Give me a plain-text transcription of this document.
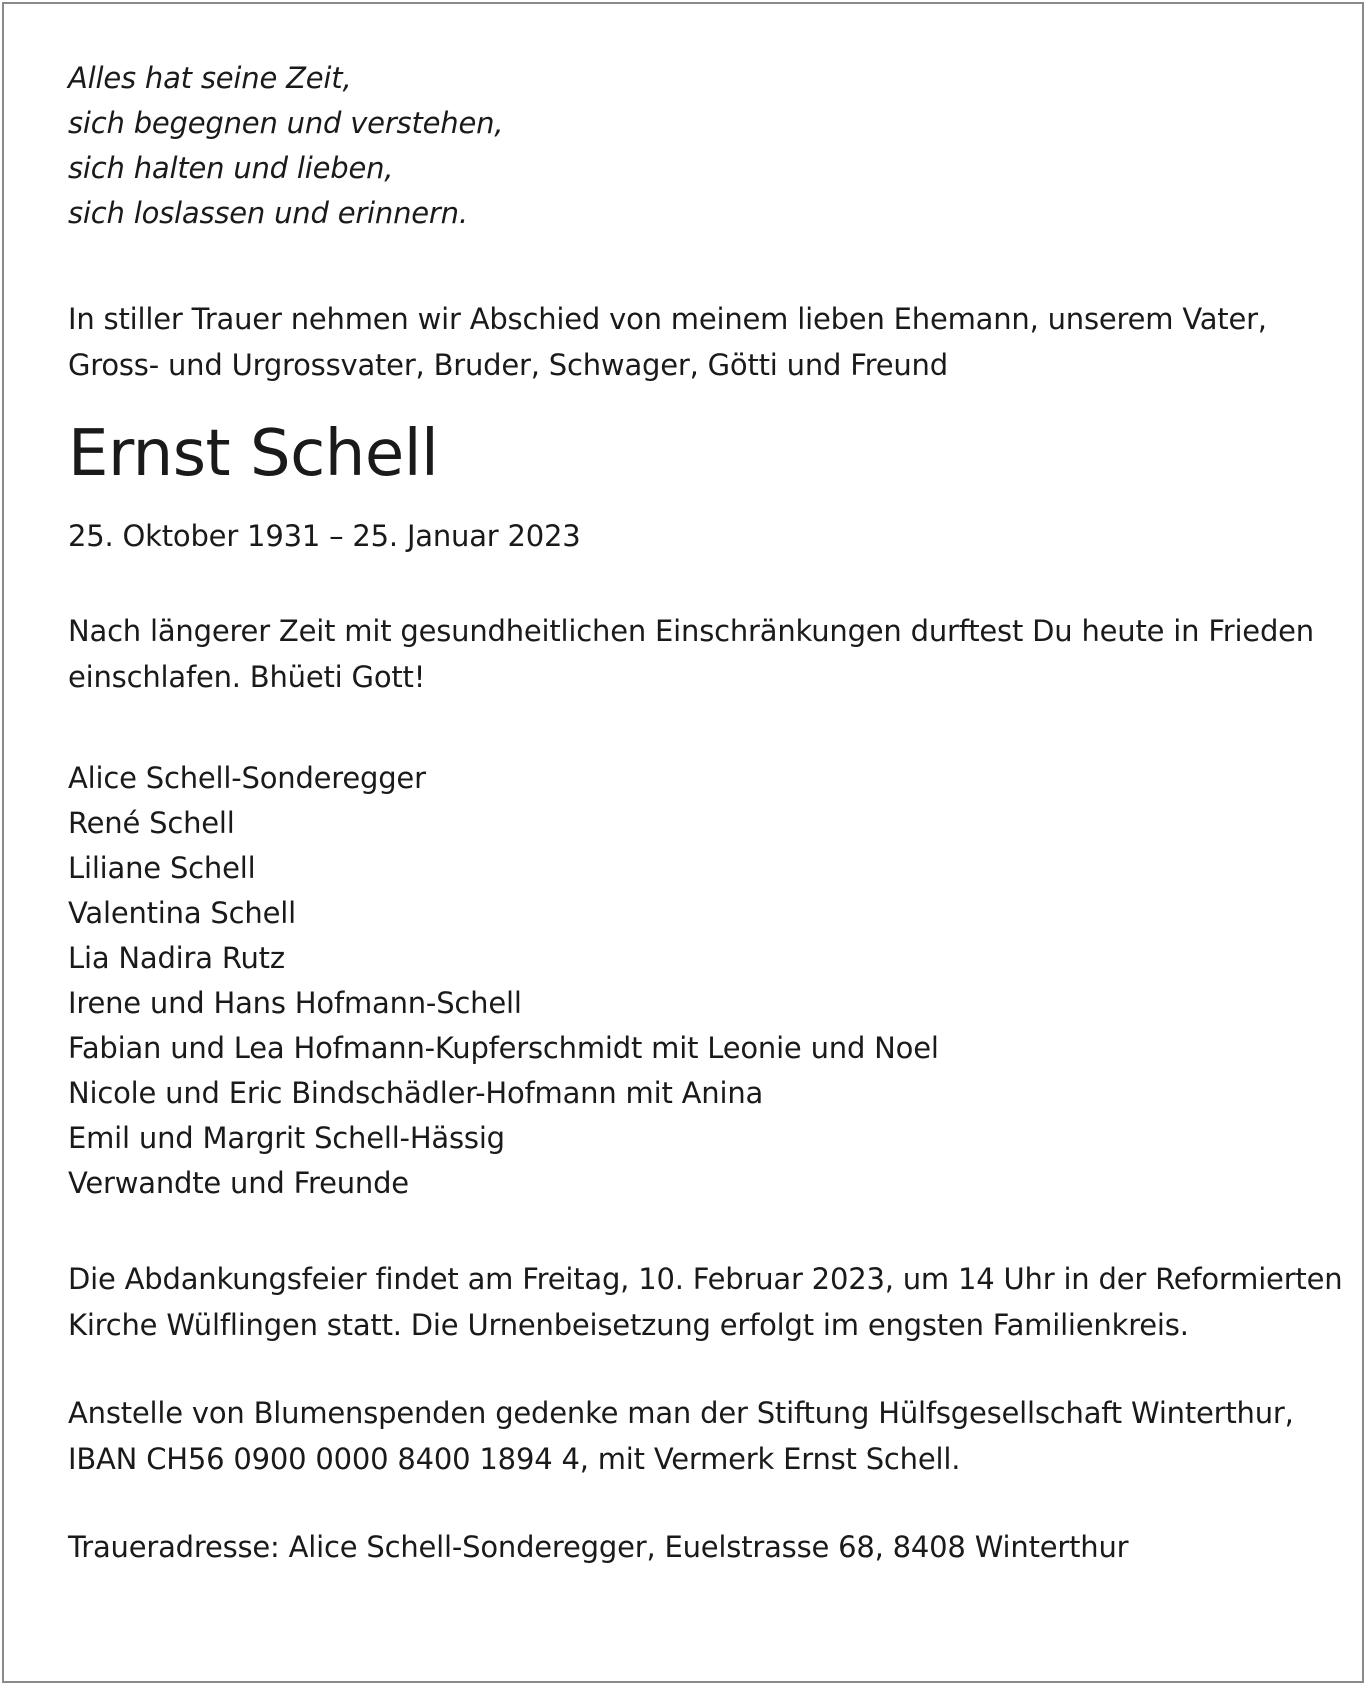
Alles hat seine Zeit,
sich begegnen und verstehen,
sich halten und lieben,
sich loslassen und erinnern.
In stiller Trauer nehmen wir Abschied von meinem lieben Ehemann, unserem Vater,
Gross- und Urgrossvater, Bruder, Schwager, Götti und Freund
Ernst Schell
25. Oktober 1931 – 25. Januar 2023
Nach längerer Zeit mit gesundheitlichen Einschränkungen durftest Du heute in Frieden
einschlafen. Bhüeti Gott!
Alice Schell-Sonderegger
René Schell
Liliane Schell
Valentina Schell
Lia Nadira Rutz
Irene und Hans Hofmann-Schell
Fabian und Lea Hofmann-Kupferschmidt mit Leonie und Noel
Nicole und Eric Bindschädler-Hofmann mit Anina
Emil und Margrit Schell-Hässig
Verwandte und Freunde
Die Abdankungsfeier findet am Freitag, 10. Februar 2023, um 14 Uhr in der Reformierten
Kirche Wülflingen statt. Die Urnenbeisetzung erfolgt im engsten Familienkreis.
Anstelle von Blumenspenden gedenke man der Stiftung Hülfsgesellschaft Winterthur,
IBAN CH56 0900 0000 8400 1894 4, mit Vermerk Ernst Schell.
Traueradresse: Alice Schell-Sonderegger, Euelstrasse 68, 8408 Winterthur
